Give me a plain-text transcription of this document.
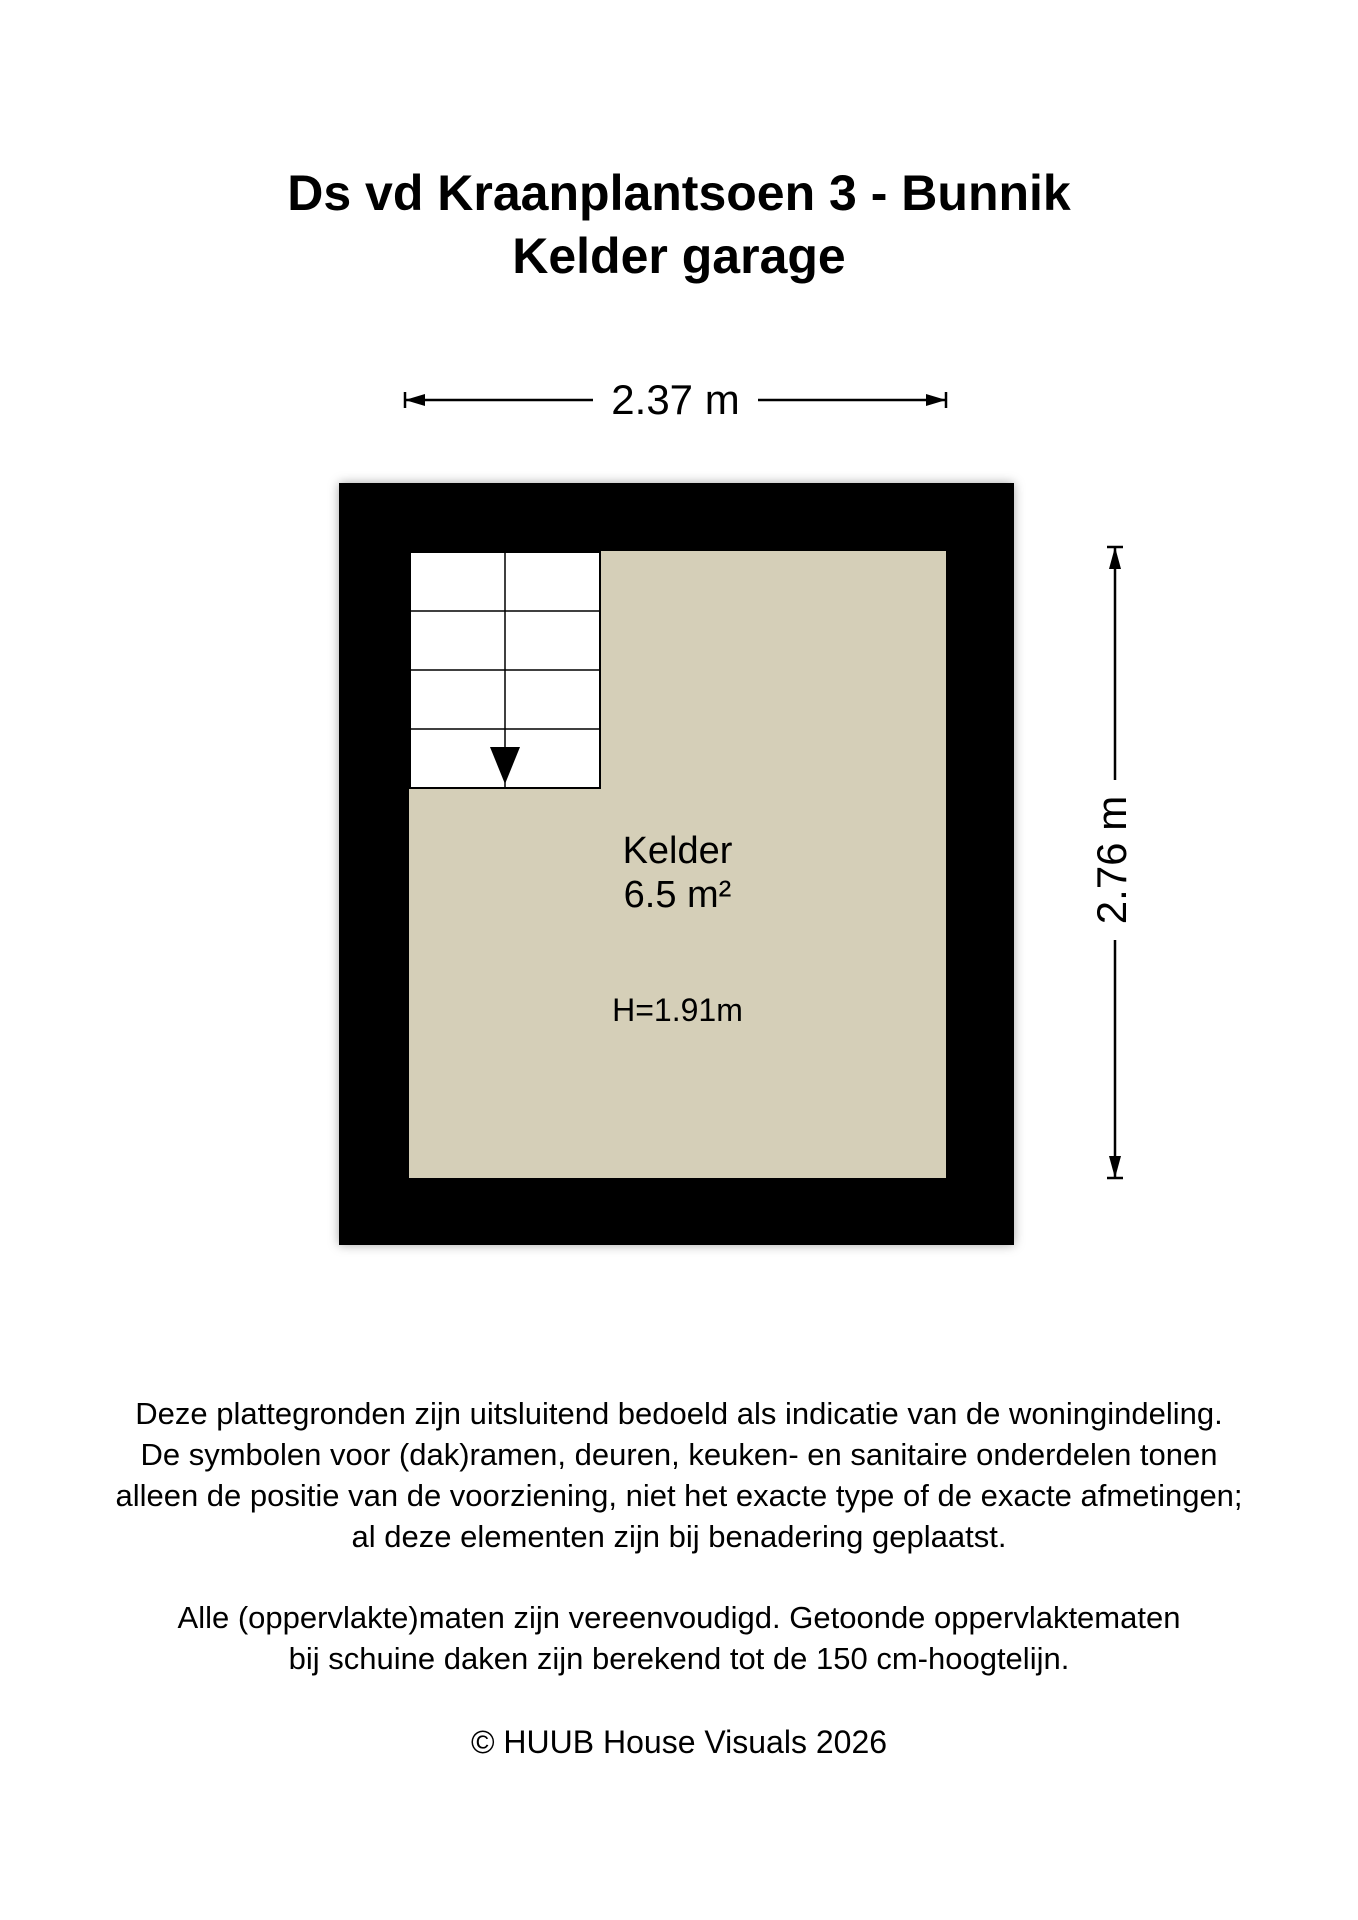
Ds vd Kraanplantsoen 3 - Bunnik
Kelder garage
2.37 m
2.76 m
Kelder
6.5 m²
H=1.91m
Deze plattegronden zijn uitsluitend bedoeld als indicatie van de woningindeling.
De symbolen voor (dak)ramen, deuren, keuken- en sanitaire onderdelen tonen
alleen de positie van de voorziening, niet het exacte type of de exacte afmetingen;
al deze elementen zijn bij benadering geplaatst.
Alle (oppervlakte)maten zijn vereenvoudigd. Getoonde oppervlaktematen
bij schuine daken zijn berekend tot de 150 cm-hoogtelijn.
© HUUB House Visuals 2026
